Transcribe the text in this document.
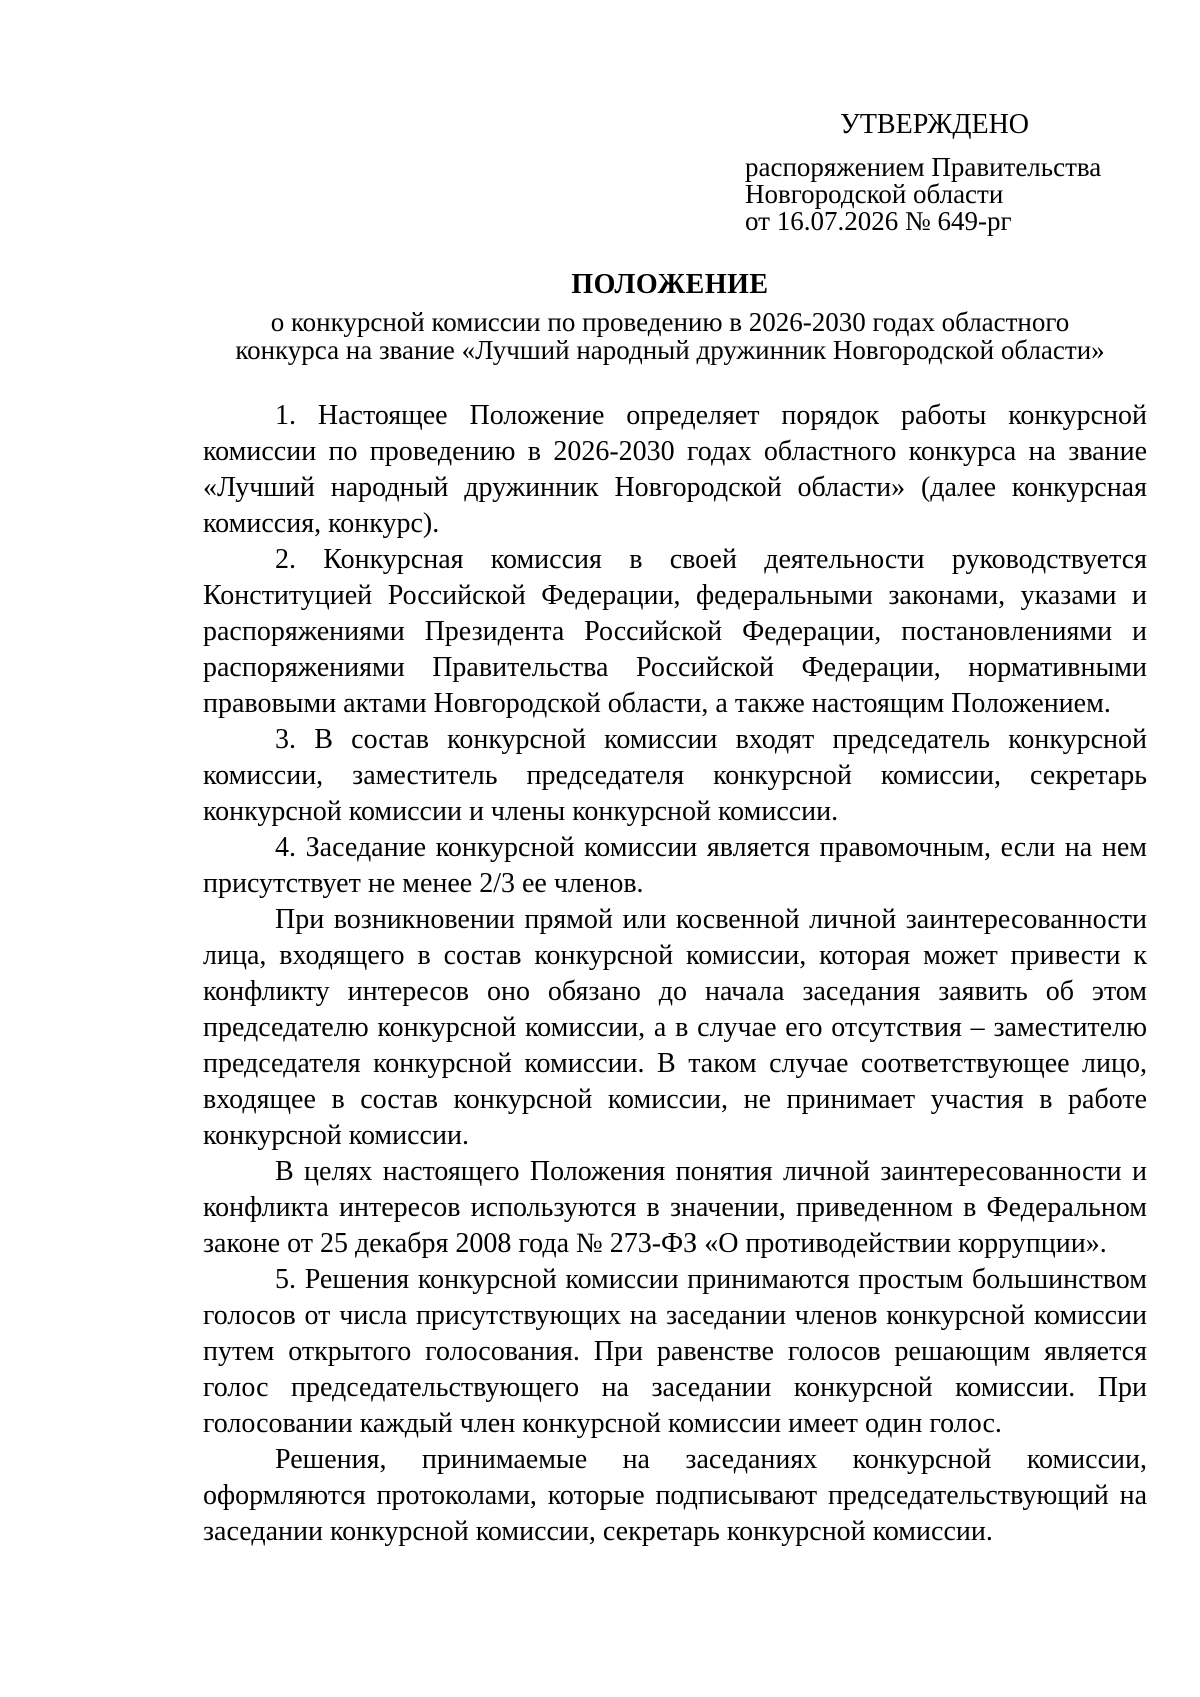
УТВЕРЖДЕНО
распоряжением Правительства
Новгородской области
от 16.07.2026 № 649-рг
ПОЛОЖЕНИЕ
о конкурсной комиссии по проведению в 2026-2030 годах областного
конкурса на звание «Лучший народный дружинник Новгородской области»

1. Настоящее Положение определяет порядок работы конкурсной комиссии по проведению в 2026-2030 годах областного конкурса на звание «Лучший народный дружинник Новгородской области» (далее конкурсная комиссия, конкурс).

2. Конкурсная комиссия в своей деятельности руководствуется Конституцией Российской Федерации, федеральными законами, указами и распоряжениями Президента Российской Федерации, постановлениями и распоряжениями Правительства Российской Федерации, нормативными правовыми актами Новгородской области, а также настоящим Положением.

3. В состав конкурсной комиссии входят председатель конкурсной комиссии, заместитель председателя конкурсной комиссии, секретарь конкурсной комиссии и члены конкурсной комиссии.

4. Заседание конкурсной комиссии является правомочным, если на нем присутствует не менее 2/3 ее членов.

При возникновении прямой или косвенной личной заинтересованности лица, входящего в состав конкурсной комиссии, которая может привести к конфликту интересов оно обязано до начала заседания заявить об этом председателю конкурсной комиссии, а в случае его отсутствия – заместителю председателя конкурсной комиссии. В таком случае соответствующее лицо, входящее в состав конкурсной комиссии, не принимает участия в работе конкурсной комиссии.

В целях настоящего Положения понятия личной заинтересованности и конфликта интересов используются в значении, приведенном в Федеральном законе от 25 декабря 2008 года № 273-ФЗ «О противодействии коррупции».

5. Решения конкурсной комиссии принимаются простым большинством голосов от числа присутствующих на заседании членов конкурсной комиссии путем открытого голосования. При равенстве голосов решающим является голос председательствующего на заседании конкурсной комиссии. При голосовании каждый член конкурсной комиссии имеет один голос.

Решения, принимаемые на заседаниях конкурсной комиссии, оформляются протоколами, которые подписывают председательствующий на заседании конкурсной комиссии, секретарь конкурсной комиссии.
